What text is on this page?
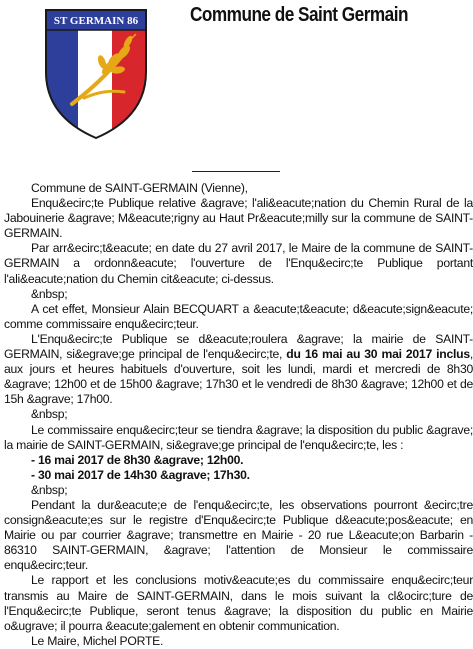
ST GERMAIN 86	Commune de Saint Germain

Commune de SAINT-GERMAIN (Vienne),

Enqu&ecirc;te Publique relative &agrave; l'ali&eacute;nation du Chemin Rural de la Jabouinerie &agrave; M&eacute;rigny au Haut Pr&eacute;milly sur la commune de SAINT-GERMAIN.

Par arr&ecirc;t&eacute; en date du 27 avril 2017, le Maire de la commune de SAINT-GERMAIN a ordonn&eacute; l'ouverture de l'Enqu&ecirc;te Publique portant l'ali&eacute;nation du Chemin cit&eacute; ci-dessus.

&nbsp;

A cet effet, Monsieur Alain BECQUART a &eacute;t&eacute; d&eacute;sign&eacute; comme commissaire enqu&ecirc;teur.

L'Enqu&ecirc;te Publique se d&eacute;roulera &agrave; la mairie de SAINT-GERMAIN, si&egrave;ge principal de l'enqu&ecirc;te, du 16 mai au 30 mai 2017 inclus, aux jours et heures habituels d'ouverture, soit les lundi, mardi et mercredi de 8h30 &agrave; 12h00 et de 15h00 &agrave; 17h30 et le vendredi de 8h30 &agrave; 12h00 et de 15h &agrave; 17h00.

&nbsp;

Le commissaire enqu&ecirc;teur se tiendra &agrave; la disposition du public &agrave; la mairie de SAINT-GERMAIN, si&egrave;ge principal de l'enqu&ecirc;te, les :

- 16 mai 2017 de 8h30 &agrave; 12h00.

- 30 mai 2017 de 14h30 &agrave; 17h30.

&nbsp;

Pendant la dur&eacute;e de l'enqu&ecirc;te, les observations pourront &ecirc;tre consign&eacute;es sur le registre d'Enqu&ecirc;te Publique d&eacute;pos&eacute; en Mairie ou par courrier &agrave; transmettre en Mairie - 20 rue L&eacute;on Barbarin - 86310 SAINT-GERMAIN, &agrave; l'attention de Monsieur le commissaire enqu&ecirc;teur.

Le rapport et les conclusions motiv&eacute;es du commissaire enqu&ecirc;teur transmis au Maire de SAINT-GERMAIN, dans le mois suivant la cl&ocirc;ture de l'Enqu&ecirc;te Publique, seront tenus &agrave; la disposition du public en Mairie o&ugrave; il pourra &eacute;galement en obtenir communication.

Le Maire, Michel PORTE.
